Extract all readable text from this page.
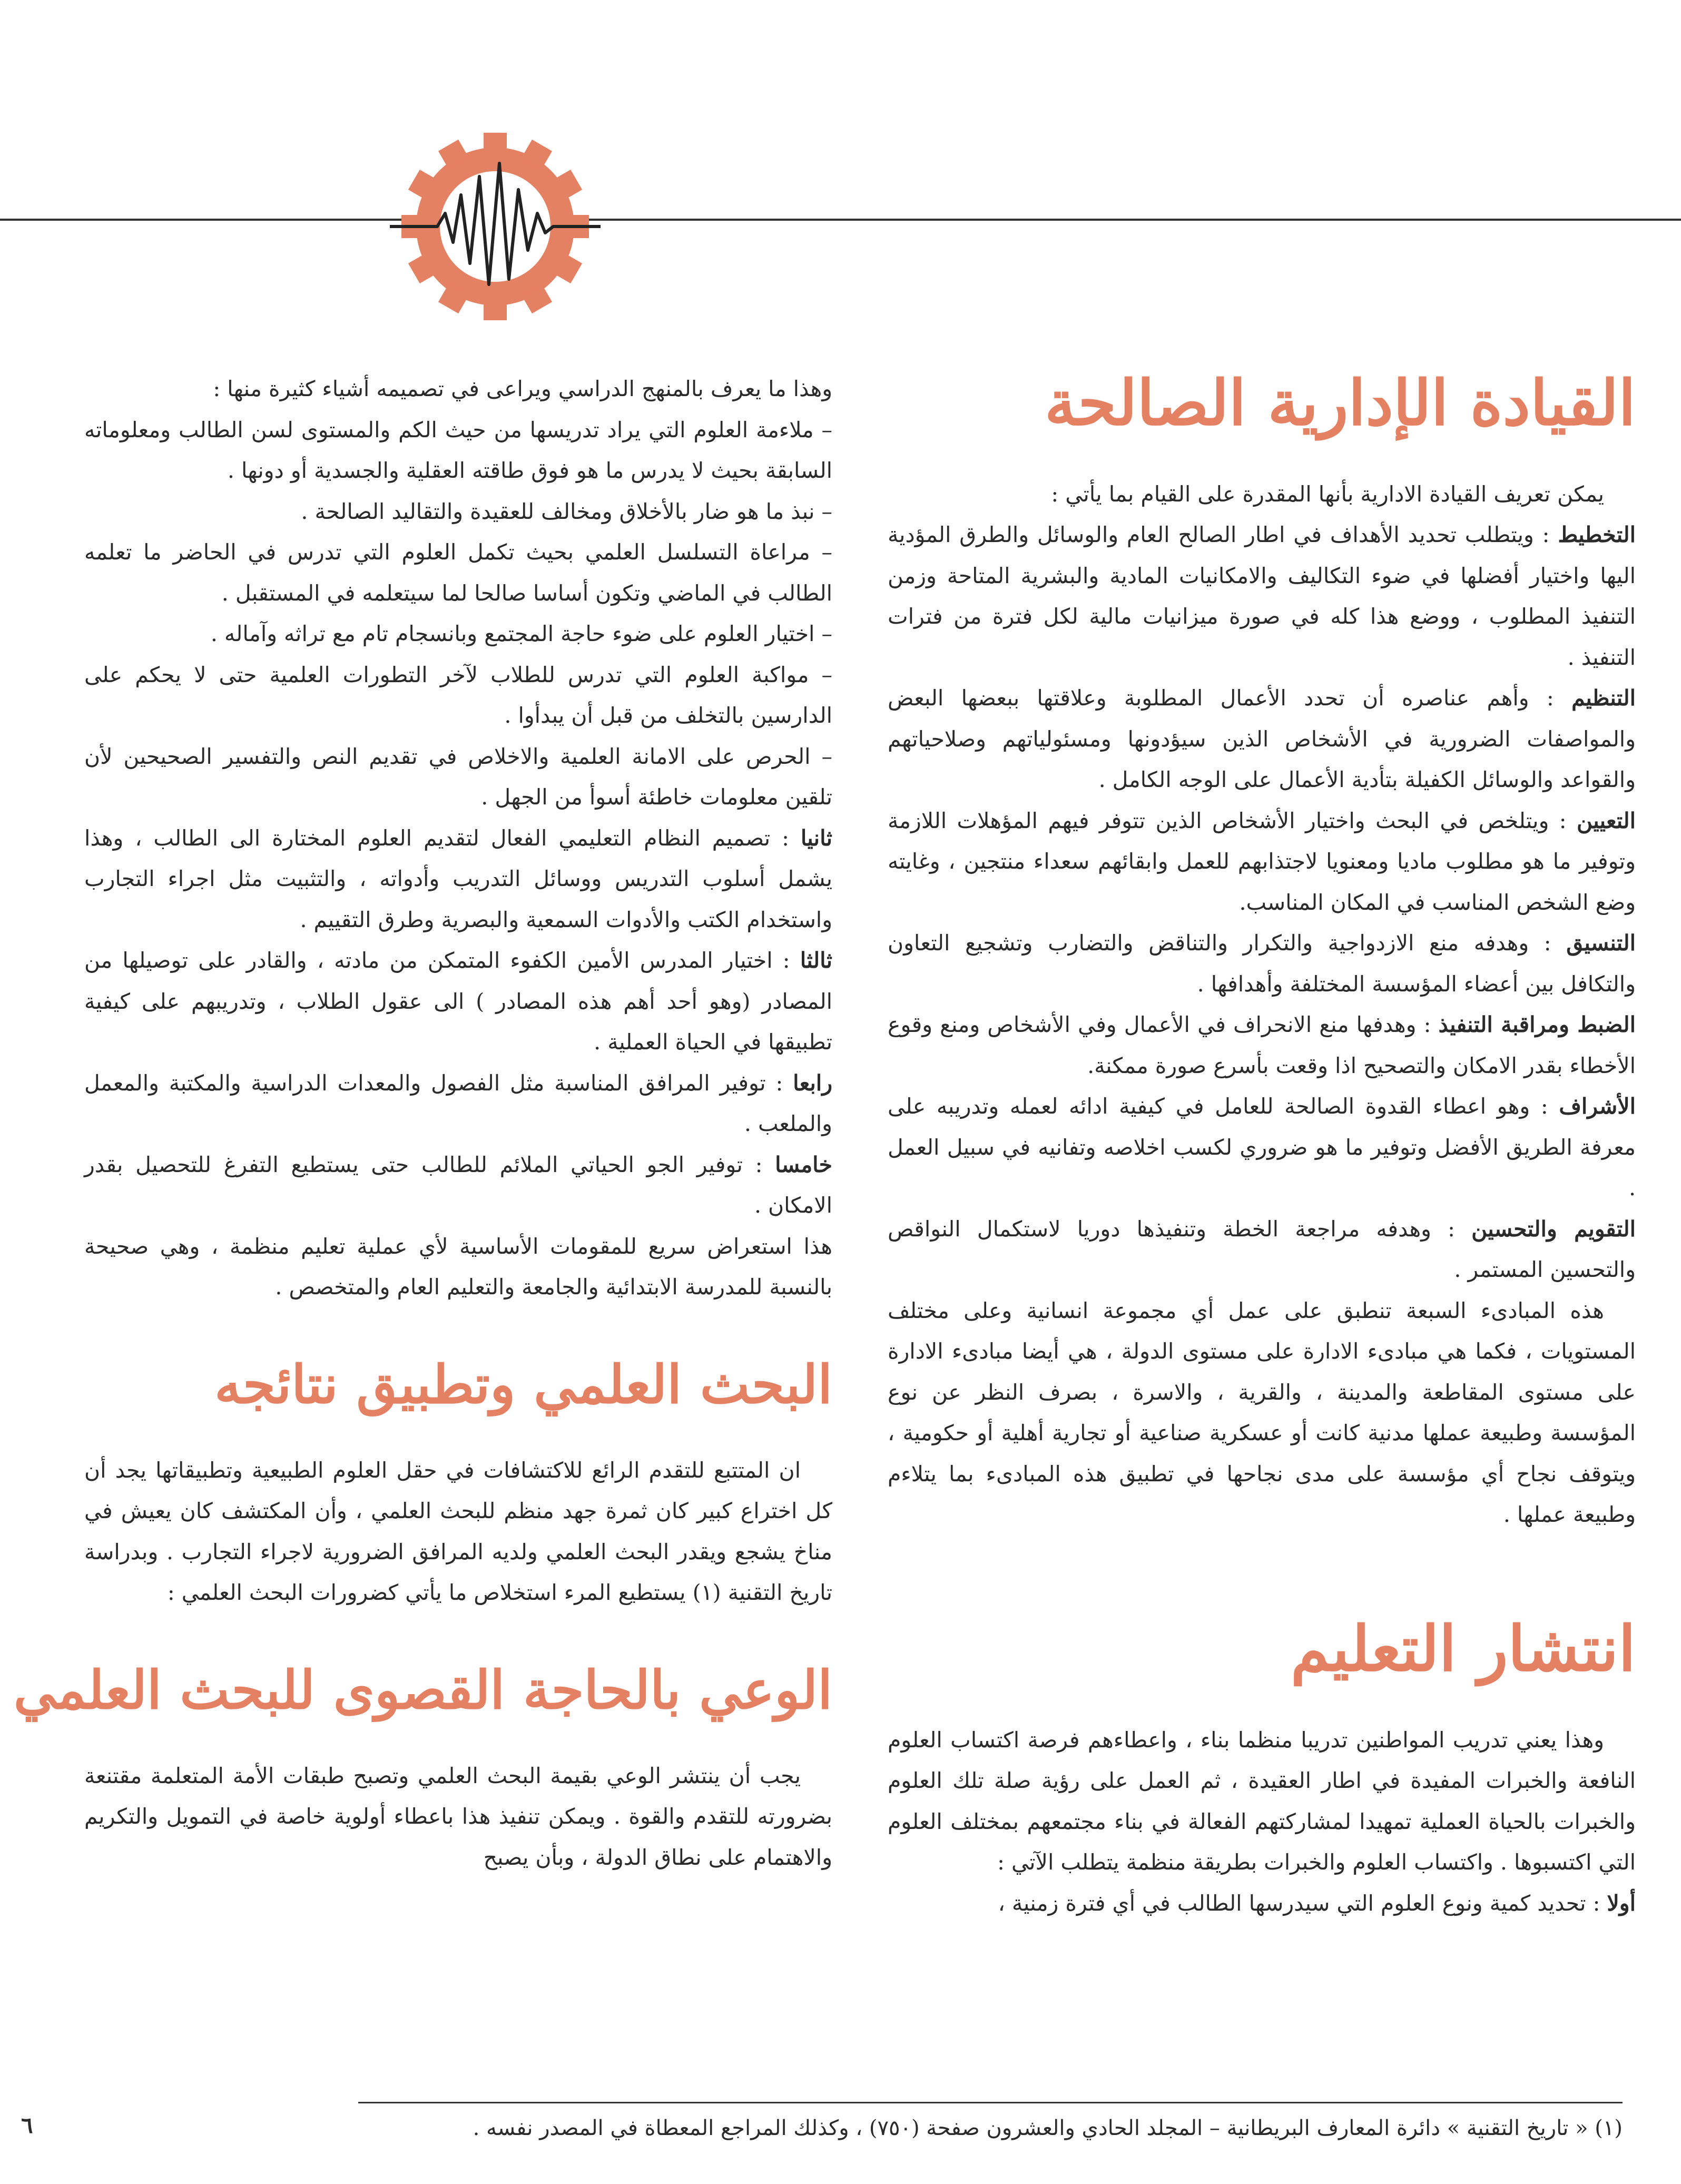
القيادة الإدارية الصالحة

يمكن تعريف القيادة الادارية بأنها المقدرة على القيام بما يأتي :

التخطيط : ويتطلب تحديد الأهداف في اطار الصالح العام والوسائل والطرق المؤدية اليها واختيار أفضلها في ضوء التكاليف والامكانيات المادية والبشرية المتاحة وزمن التنفيذ المطلوب ، ووضع هذا كله في صورة ميزانيات مالية لكل فترة من فترات التنفيذ .

التنظيم : وأهم عناصره أن تحدد الأعمال المطلوبة وعلاقتها ببعضها البعض والمواصفات الضرورية في الأشخاص الذين سيؤدونها ومسئولياتهم وصلاحياتهم والقواعد والوسائل الكفيلة بتأدية الأعمال على الوجه الكامل .

التعيين : ويتلخص في البحث واختيار الأشخاص الذين تتوفر فيهم المؤهلات اللازمة وتوفير ما هو مطلوب ماديا ومعنويا لاجتذابهم للعمل وابقائهم سعداء منتجين ، وغايته وضع الشخص المناسب في المكان المناسب.

التنسيق : وهدفه منع الازدواجية والتكرار والتناقض والتضارب وتشجيع التعاون والتكافل بين أعضاء المؤسسة المختلفة وأهدافها .

الضبط ومراقبة التنفيذ : وهدفها منع الانحراف في الأعمال وفي الأشخاص ومنع وقوع الأخطاء بقدر الامكان والتصحيح اذا وقعت بأسرع صورة ممكنة.

الأشراف : وهو اعطاء القدوة الصالحة للعامل في كيفية ادائه لعمله وتدريبه على معرفة الطريق الأفضل وتوفير ما هو ضروري لكسب اخلاصه وتفانيه في سبيل العمل .

التقويم والتحسين : وهدفه مراجعة الخطة وتنفيذها دوريا لاستكمال النواقص والتحسين المستمر .

هذه المبادىء السبعة تنطبق على عمل أي مجموعة انسانية وعلى مختلف المستويات ، فكما هي مبادىء الادارة على مستوى الدولة ، هي أيضا مبادىء الادارة على مستوى المقاطعة والمدينة ، والقرية ، والاسرة ، بصرف النظر عن نوع المؤسسة وطبيعة عملها مدنية كانت أو عسكرية صناعية أو تجارية أهلية أو حكومية ، ويتوقف نجاح أي مؤسسة على مدى نجاحها في تطبيق هذه المبادىء بما يتلاءم وطبيعة عملها .

انتشار التعليم

وهذا يعني تدريب المواطنين تدريبا منظما بناء ، واعطاءهم فرصة اكتساب العلوم النافعة والخبرات المفيدة في اطار العقيدة ، ثم العمل على رؤية صلة تلك العلوم والخبرات بالحياة العملية تمهيدا لمشاركتهم الفعالة في بناء مجتمعهم بمختلف العلوم التي اكتسبوها . واكتساب العلوم والخبرات بطريقة منظمة يتطلب الآتي :

أولا : تحديد كمية ونوع العلوم التي سيدرسها الطالب في أي فترة زمنية ،

وهذا ما يعرف بالمنهج الدراسي ويراعى في تصميمه أشياء كثيرة منها :

– ملاءمة العلوم التي يراد تدريسها من حيث الكم والمستوى لسن الطالب ومعلوماته السابقة بحيث لا يدرس ما هو فوق طاقته العقلية والجسدية أو دونها .

– نبذ ما هو ضار بالأخلاق ومخالف للعقيدة والتقاليد الصالحة .

– مراعاة التسلسل العلمي بحيث تكمل العلوم التي تدرس في الحاضر ما تعلمه الطالب في الماضي وتكون أساسا صالحا لما سيتعلمه في المستقبل .

– اختيار العلوم على ضوء حاجة المجتمع وبانسجام تام مع تراثه وآماله .

– مواكبة العلوم التي تدرس للطلاب لآخر التطورات العلمية حتى لا يحكم على الدارسين بالتخلف من قبل أن يبدأوا .

– الحرص على الامانة العلمية والاخلاص في تقديم النص والتفسير الصحيحين لأن تلقين معلومات خاطئة أسوأ من الجهل .

ثانيا : تصميم النظام التعليمي الفعال لتقديم العلوم المختارة الى الطالب ، وهذا يشمل أسلوب التدريس ووسائل التدريب وأدواته ، والتثبيت مثل اجراء التجارب واستخدام الكتب والأدوات السمعية والبصرية وطرق التقييم .

ثالثا : اختيار المدرس الأمين الكفوء المتمكن من مادته ، والقادر على توصيلها من المصادر (وهو أحد أهم هذه المصادر ) الى عقول الطلاب ، وتدريبهم على كيفية تطبيقها في الحياة العملية .

رابعا : توفير المرافق المناسبة مثل الفصول والمعدات الدراسية والمكتبة والمعمل والملعب .

خامسا : توفير الجو الحياتي الملائم للطالب حتى يستطيع التفرغ للتحصيل بقدر الامكان .

هذا استعراض سريع للمقومات الأساسية لأي عملية تعليم منظمة ، وهي صحيحة بالنسبة للمدرسة الابتدائية والجامعة والتعليم العام والمتخصص .

البحث العلمي وتطبيق نتائجه

ان المتتبع للتقدم الرائع للاكتشافات في حقل العلوم الطبيعية وتطبيقاتها يجد أن كل اختراع كبير كان ثمرة جهد منظم للبحث العلمي ، وأن المكتشف كان يعيش في مناخ يشجع ويقدر البحث العلمي ولديه المرافق الضرورية لاجراء التجارب . وبدراسة تاريخ التقنية (١) يستطيع المرء استخلاص ما يأتي كضرورات البحث العلمي :

الوعي بالحاجة القصوى للبحث العلمي

يجب أن ينتشر الوعي بقيمة البحث العلمي وتصبح طبقات الأمة المتعلمة مقتنعة بضرورته للتقدم والقوة . ويمكن تنفيذ هذا باعطاء أولوية خاصة في التمويل والتكريم والاهتمام على نطاق الدولة ، وبأن يصبح

(١) « تاريخ التقنية » دائرة المعارف البريطانية – المجلد الحادي والعشرون صفحة (٧٥٠) ، وكذلك المراجع المعطاة في المصدر نفسه .
٦
